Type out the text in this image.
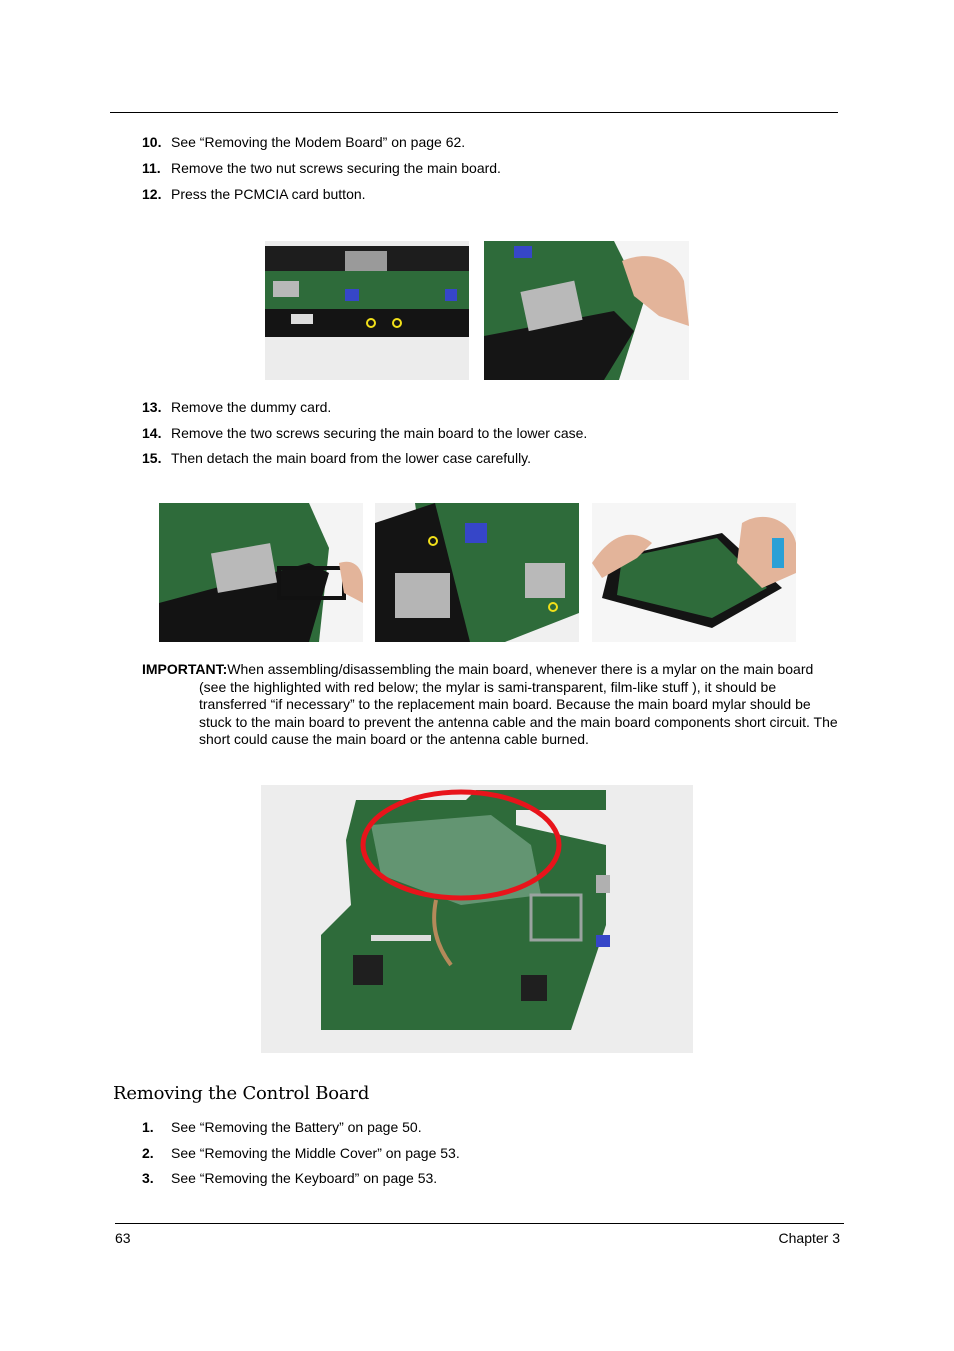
10. See “Removing the Modem Board” on page 62.
11. Remove the two nut screws securing the main board.
12. Press the PCMCIA card button.
13. Remove the dummy card.
14. Remove the two screws securing the main board to the lower case.
15. Then detach the main board from the lower case carefully.
IMPORTANT:When assembling/disassembling the main board, whenever there is a mylar on the main board
(see the highlighted with red below; the mylar is sami-transparent, film-like stuff ), it should be transferred “if necessary” to the replacement main board. Because the main board mylar should be stuck to the main board to prevent the antenna cable and the main board components short circuit. The short could cause the main board or the antenna cable burned.
Removing the Control Board
1. See “Removing the Battery” on page 50.
2. See “Removing the Middle Cover” on page 53.
3. See “Removing the Keyboard” on page 53.
63	Chapter 3
